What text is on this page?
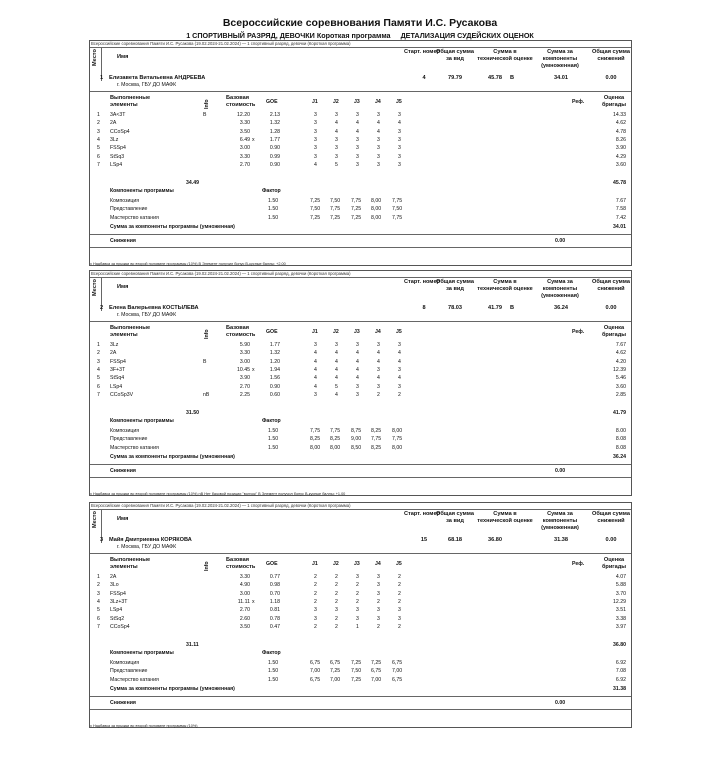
Всероссийские соревнования Памяти И.С. Русакова
1 СПОРТИВНЫЙ РАЗРЯД, ДЕВОЧКИ Короткая программа ДЕТАЛИЗАЦИЯ СУДЕЙСКИХ ОЦЕНОК
Всероссийские соревнования Памяти И.С. Русакова (19.02.2024-21.02.2024) — 1 спортивный разряд, девочки (Короткая программа)
Место	Имя
Старт. номер
Общая сумма за вид
Сумма в технической оценке
Сумма за компоненты (умноженная)
Общая сумма снижений
1 Елизавета Витальевна АНДРЕЕВА
г. Москва, ГБУ ДО МАФК
4	79.79	45.78 B	34.01	0.00
Выполненные элементы	Info
Базовая стоимость	GOE	J1	J2	J3	J4	J5	Реф.
Оценка бригады
1 3A<3T	B	12.20	2.13	3	3	3	3	3	14.33
2 2A	3.30	1.32	3	4	4	4	4	4.62
3 CCoSp4	3.50	1.28	3	4	4	4	3	4.78
4 3Lz	6.49 x	1.77	3	3	3	3	3	8.26
5 FSSp4	3.00	0.90	3	3	3	3	3	3.90
6 StSq3	3.30	0.99	3	3	3	3	3	4.29
7 LSp4	2.70	0.90	4	5	3	3	3	3.60
34.49	45.78
Компоненты программы	Фактор
Композиция	1.50	7,25 7,50 7,75 8,00 7,75	7.67
Представление	1.50	7,50 7,75 7,25 8,00 7,50	7.58
Мастерство катания	1.50	7,25 7,25 7,25 8,00 7,75	7.42
Сумма за компоненты программы (умноженная)	34.01
Снижения	0.00
Всероссийские соревнования Памяти И.С. Русакова (19.02.2024-21.02.2024) — 1 спортивный разряд, девочки (Короткая программа)
Место	Имя
Старт. номер
Общая сумма за вид
Сумма в технической оценке
Сумма за компоненты (умноженная)
Общая сумма снижений
2 Елена Валерьевна КОСТЫЛЕВА
г. Москва, ГБУ ДО МАФК
8	78.03	41.79 B	36.24	0.00
Выполненные элементы	Info
Базовая стоимость	GOE	J1	J2	J3	J4	J5	Реф.
Оценка бригады
1 3Lz	5.90	1.77	3	3	3	3	3	7.67
2 2A	3.30	1.32	4	4	4	4	4	4.62
3 FSSp4	B	3.00	1.20	4	4	4	4	4	4.20
4 3F+3T	10.45 x	1.94	4	4	4	3	3	12.39
5 StSq4	3.90	1.56	4	4	4	4	4	5.46
6 LSp4	2.70	0.90	4	5	3	3	3	3.60
7 CCoSp3V	nB	2.25	0.60	3	4	3	2	2	2.85
31.50	41.79
Компоненты программы	Фактор
Композиция	1.50	7,75 7,75 8,75 8,25 8,00	8.00
Представление	1.50	8,25 8,25 9,00 7,75 7,75	8.08
Мастерство катания	1.50	8,00 8,00 8,50 8,25 8,00	8.08
Сумма за компоненты программы (умноженная)	36.24
Снижения	0.00
Всероссийские соревнования Памяти И.С. Русакова (19.02.2024-21.02.2024) — 1 спортивный разряд, девочки (Короткая программа)
Место	Имя
Старт. номер
Общая сумма за вид
Сумма в технической оценке
Сумма за компоненты (умноженная)
Общая сумма снижений
3 Майя Дмитриевна КОРЯКОВА
г. Москва, ГБУ ДО МАФК
15	68.18	36.80	31.38	0.00
Выполненные элементы	Info
Базовая стоимость	GOE	J1	J2	J3	J4	J5	Реф.
Оценка бригады
1 2A	3.30	0.77	2	2	3	3	2	4.07
2 3Lo	4.90	0.98	2	2	2	3	2	5.88
3 FSSp4	3.00	0.70	2	2	2	3	2	3.70
4 3Lz+3T	11.11 x	1.18	2	2	2	2	2	12.29
5 LSp4	2.70	0.81	3	3	3	3	3	3.51
6 StSq2	2.60	0.78	3	2	3	3	3	3.38
7 CCoSp4	3.50	0.47	2	2	1	2	2	3.97
31.11	36.80
Компоненты программы	Фактор
Композиция	1.50	6,75 6,75 7,25 7,25 6,75	6.92
Представление	1.50	7,00 7,25 7,50 6,75 7,00	7.08
Мастерство катания	1.50	6,75 7,00 7,25 7,00 6,75	6.92
Сумма за компоненты программы (умноженная)	31.38
Снижения	0.00
x Надбавка за прыжки во второй половине программы (10%) B Элемент получил бонус B-кусные баллы: +2.00
x Надбавка за прыжки во второй половине программы (10%) nB Нет базовой позиции "волчок" B Элемент получил бонус B-кусные баллы: +1.00
x Надбавка за прыжки во второй половине программы (10%)
